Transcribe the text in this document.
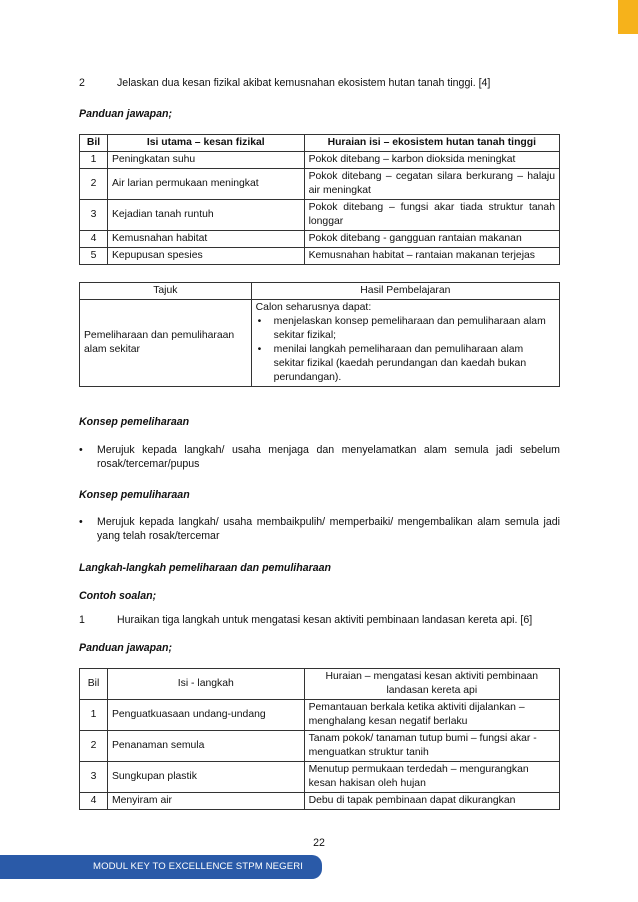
2	Jelaskan dua kesan fizikal akibat kemusnahan ekosistem hutan tanah tinggi. [4]
Panduan jawapan;
Bil	Isi utama – kesan fizikal	Huraian isi – ekosistem hutan tanah tinggi
1	Peningkatan suhu	Pokok ditebang – karbon dioksida meningkat
2	Air larian permukaan meningkat	Pokok ditebang – cegatan silara berkurang – halaju air meningkat
3	Kejadian tanah runtuh	Pokok ditebang – fungsi akar tiada struktur tanah longgar
4	Kemusnahan habitat	Pokok ditebang - gangguan rantaian makanan
5	Kepupusan spesies	Kemusnahan habitat – rantaian makanan terjejas
Tajuk	Hasil Pembelajaran
Pemeliharaan dan pemuliharaan alam sekitar	Calon seharusnya dapat:
• menjelaskan konsep pemeliharaan dan pemuliharaan alam sekitar fizikal;
• menilai langkah pemeliharaan dan pemuliharaan alam sekitar fizikal (kaedah perundangan dan kaedah bukan perundangan).
Konsep pemeliharaan
• Merujuk kepada langkah/ usaha menjaga dan menyelamatkan alam semula jadi sebelum rosak/tercemar/pupus
Konsep pemuliharaan
• Merujuk kepada langkah/ usaha membaikpulih/ memperbaiki/ mengembalikan alam semula jadi yang telah rosak/tercemar
Langkah-langkah pemeliharaan dan pemuliharaan
Contoh soalan;
1	Huraikan tiga langkah untuk mengatasi kesan aktiviti pembinaan landasan kereta api. [6]
Panduan jawapan;
Bil	Isi - langkah	Huraian – mengatasi kesan aktiviti pembinaan landasan kereta api
1	Penguatkuasaan undang-undang	Pemantauan berkala ketika aktiviti dijalankan – menghalang kesan negatif berlaku
2	Penanaman semula	Tanam pokok/ tanaman tutup bumi – fungsi akar - menguatkan struktur tanih
3	Sungkupan plastik	Menutup permukaan terdedah – mengurangkan kesan hakisan oleh hujan
4	Menyiram air	Debu di tapak pembinaan dapat dikurangkan
22
MODUL KEY TO EXCELLENCE STPM NEGERI PERAK
